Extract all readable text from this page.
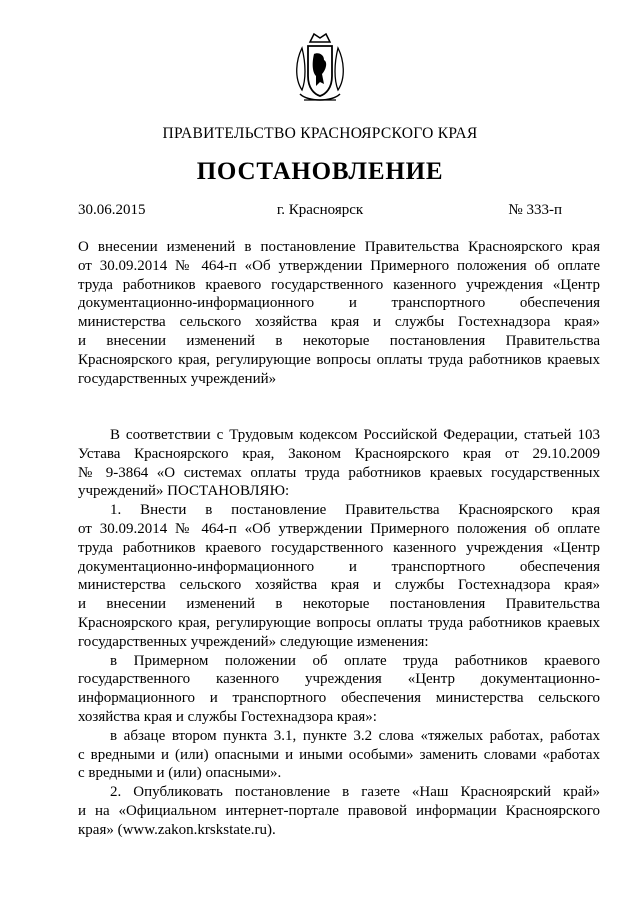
ПРАВИТЕЛЬСТВО КРАСНОЯРСКОГО КРАЯ
ПОСТАНОВЛЕНИЕ
30.06.2015	г. Красноярск	№ 333-п
О внесении изменений в постановление Правительства Красноярского края
от 30.09.2014 № 464-п «Об утверждении Примерного положения об оплате
труда работников краевого государственного казенного учреждения «Центр
документационно-информационного и транспортного обеспечения
министерства сельского хозяйства края и службы Гостехнадзора края»
и внесении изменений в некоторые постановления Правительства
Красноярского края, регулирующие вопросы оплаты труда работников краевых
государственных учреждений»
В соответствии с Трудовым кодексом Российской Федерации, статьей 103
Устава Красноярского края, Законом Красноярского края от 29.10.2009
№ 9-3864 «О системах оплаты труда работников краевых государственных
учреждений» ПОСТАНОВЛЯЮ:
1. Внести в постановление Правительства Красноярского края
от 30.09.2014 № 464-п «Об утверждении Примерного положения об оплате
труда работников краевого государственного казенного учреждения «Центр
документационно-информационного и транспортного обеспечения
министерства сельского хозяйства края и службы Гостехнадзора края»
и внесении изменений в некоторые постановления Правительства
Красноярского края, регулирующие вопросы оплаты труда работников краевых
государственных учреждений» следующие изменения:
в Примерном положении об оплате труда работников краевого
государственного казенного учреждения «Центр документационно-
информационного и транспортного обеспечения министерства сельского
хозяйства края и службы Гостехнадзора края»:
в абзаце втором пункта 3.1, пункте 3.2 слова «тяжелых работах, работах
с вредными и (или) опасными и иными особыми» заменить словами «работах
с вредными и (или) опасными».
2. Опубликовать постановление в газете «Наш Красноярский край»
и на «Официальном интернет-портале правовой информации Красноярского
края» (www.zakon.krskstate.ru).
